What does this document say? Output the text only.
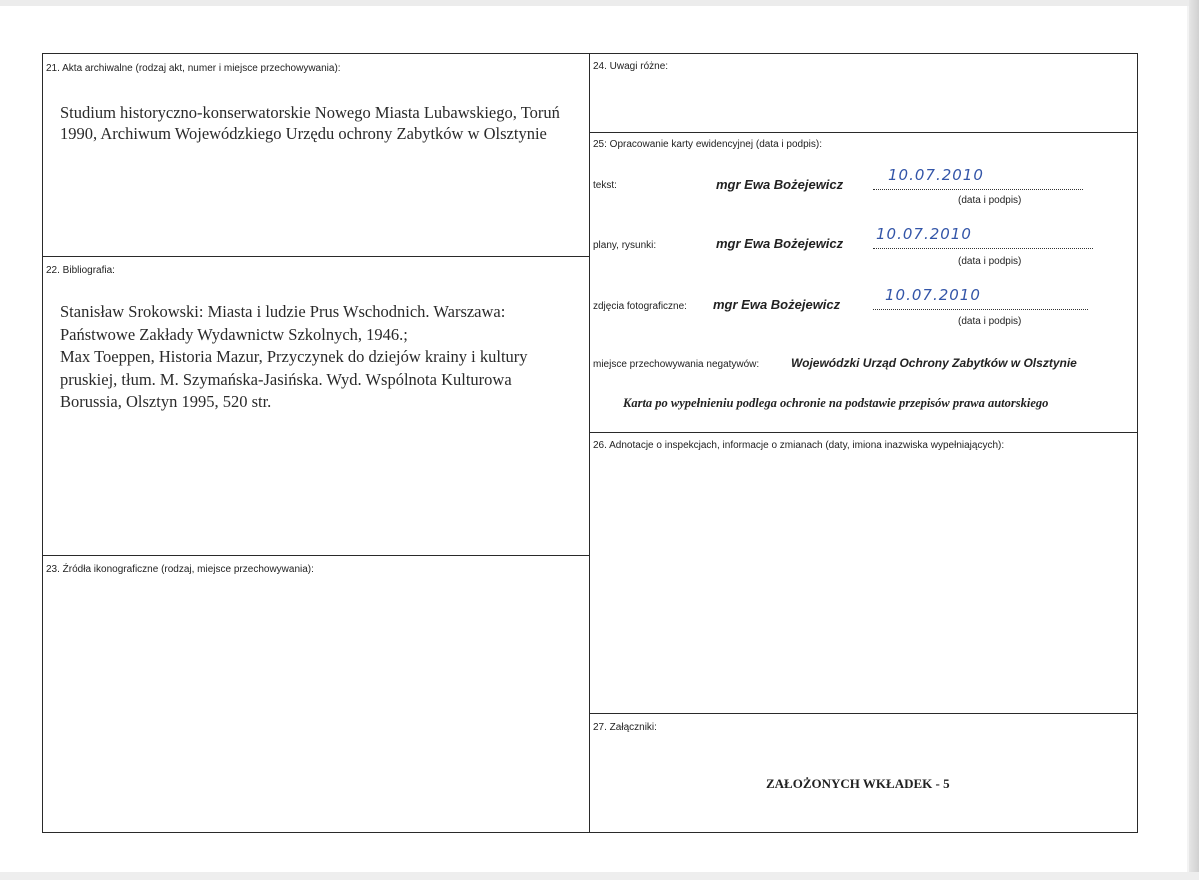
21. Akta archiwalne (rodzaj akt, numer i miejsce przechowywania):
Studium historyczno-konserwatorskie Nowego Miasta Lubawskiego, Toruń
1990, Archiwum Wojewódzkiego Urzędu ochrony Zabytków w Olsztynie
22. Bibliografia:
Stanisław Srokowski: Miasta i ludzie Prus Wschodnich. Warszawa:
Państwowe Zakłady Wydawnictw Szkolnych, 1946.;
Max Toeppen, Historia Mazur, Przyczynek do dziejów krainy i kultury
pruskiej, tłum. M. Szymańska-Jasińska. Wyd. Wspólnota Kulturowa
Borussia, Olsztyn 1995, 520 str.
23. Źródła ikonograficzne (rodzaj, miejsce przechowywania):
24. Uwagi różne:
25: Opracowanie karty ewidencyjnej (data i podpis):
tekst:	mgr Ewa Bożejewicz
10.07.2010
(data i podpis)
plany, rysunki:	mgr Ewa Bożejewicz
10.07.2010
(data i podpis)
zdjęcia fotograficzne: mgr Ewa Bożejewicz
10.07.2010
(data i podpis)
miejsce przechowywania negatywów:	Wojewódzki Urząd Ochrony Zabytków w Olsztynie
Karta po wypełnieniu podlega ochronie na podstawie przepisów prawa autorskiego
26. Adnotacje o inspekcjach, informacje o zmianach (daty, imiona inazwiska wypełniających):
27. Załączniki:
ZAŁOŻONYCH WKŁADEK - 5
